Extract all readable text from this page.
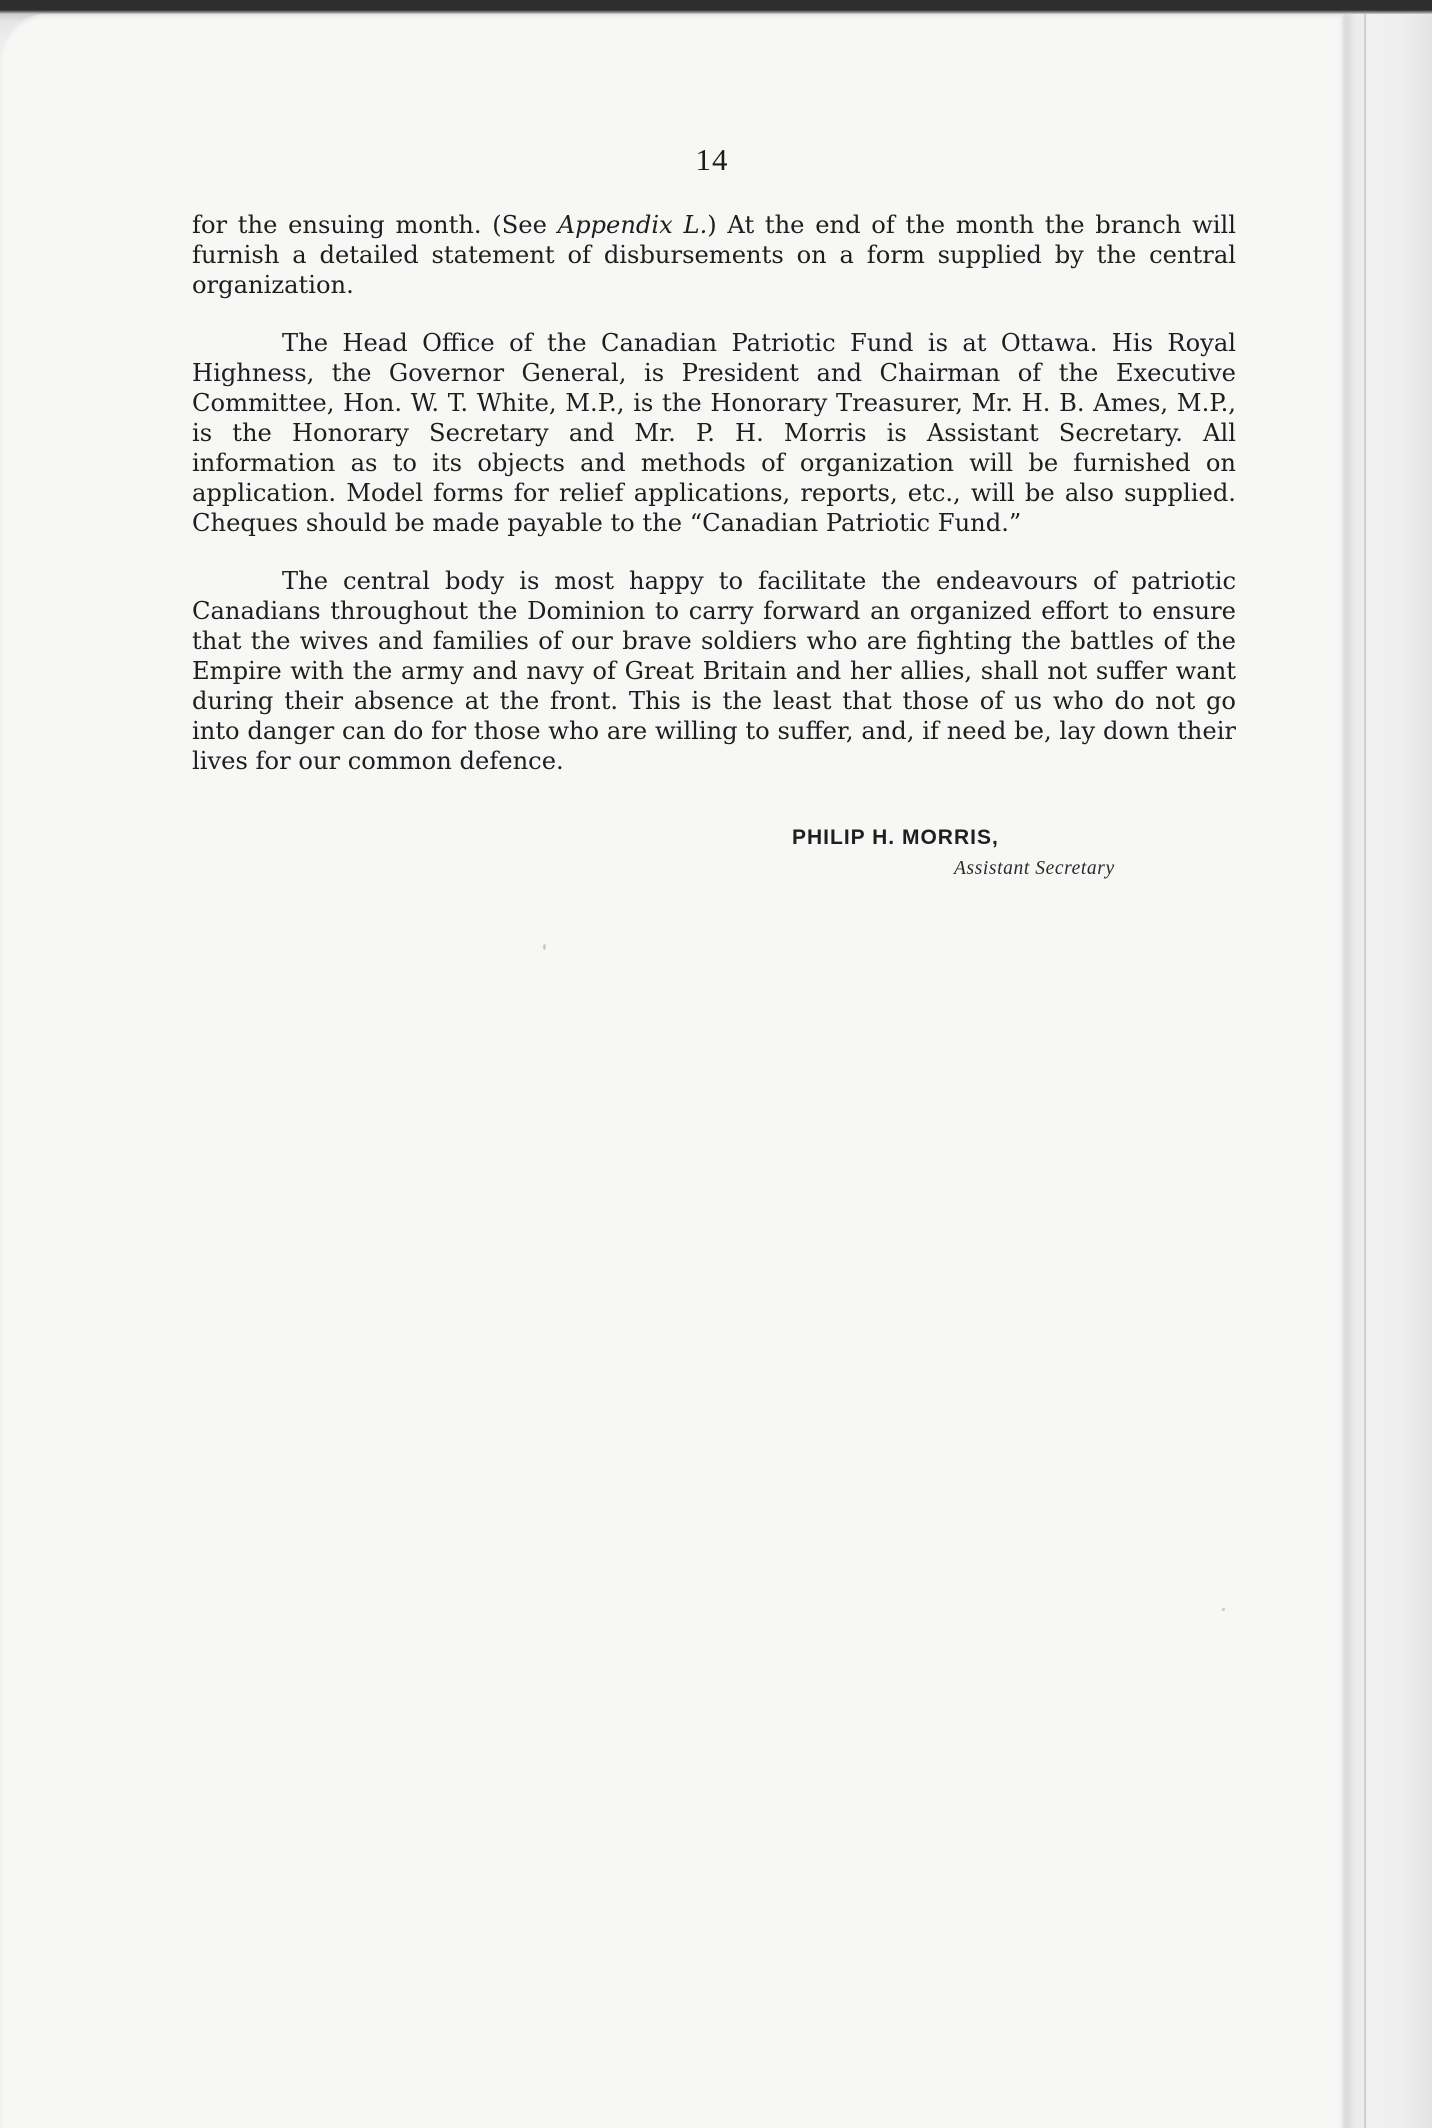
14

for the ensuing month. (See Appendix L.) At the end of the month the branch will furnish a detailed statement of disbursements on a form supplied by the central organization.

The Head Office of the Canadian Patriotic Fund is at Ottawa. His Royal Highness, the Governor General, is President and Chairman of the Executive Committee, Hon. W. T. White, M.P., is the Honorary Treasurer, Mr. H. B. Ames, M.P., is the Honorary Secretary and Mr. P. H. Morris is Assistant Secretary. All information as to its objects and methods of organization will be furnished on application. Model forms for relief applications, reports, etc., will be also supplied. Cheques should be made payable to the “Canadian Patriotic Fund.”

The central body is most happy to facilitate the endeavours of patriotic Canadians throughout the Dominion to carry forward an organized effort to ensure that the wives and families of our brave soldiers who are fighting the battles of the Empire with the army and navy of Great Britain and her allies, shall not suffer want during their absence at the front. This is the least that those of us who do not go into danger can do for those who are willing to suffer, and, if need be, lay down their lives for our common defence.

PHILIP H. MORRIS,
Assistant Secretary
